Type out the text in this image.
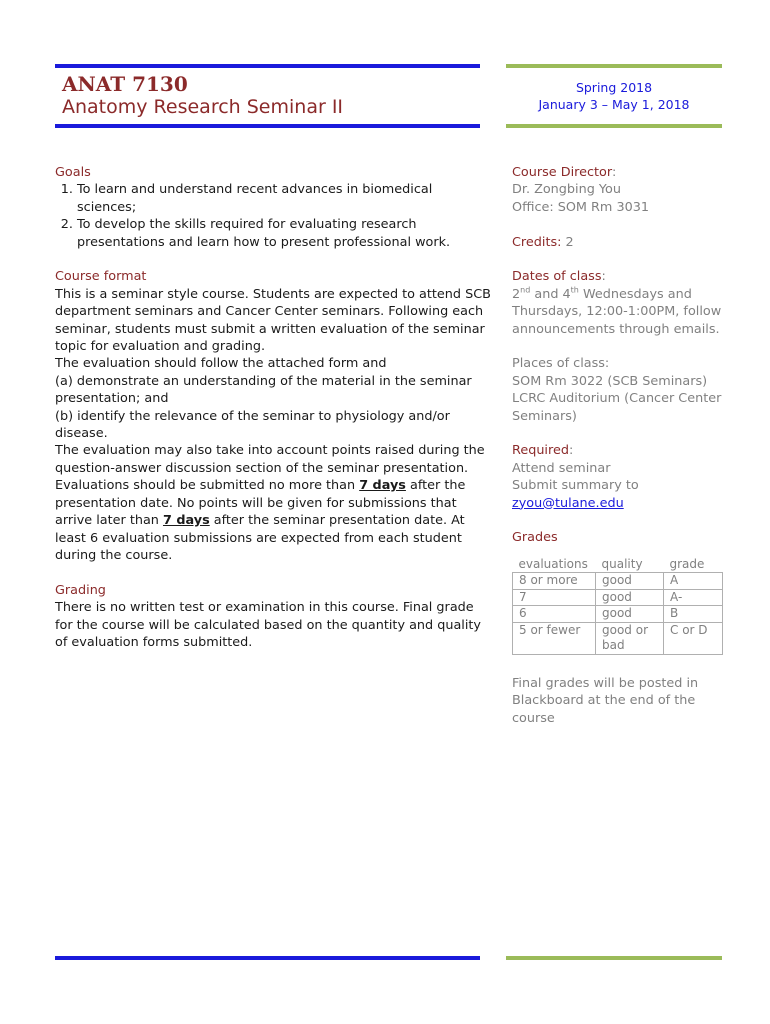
ANAT 7130
Anatomy Research Seminar II
Spring 2018
January 3 – May 1, 2018
Goals
1. To learn and understand recent advances in biomedical sciences;
2. To develop the skills required for evaluating research presentations and learn how to present professional work.
Course format

This is a seminar style course. Students are expected to attend SCB department seminars and Cancer Center seminars. Following each seminar, students must submit a written evaluation of the seminar topic for evaluation and grading.

The evaluation should follow the attached form and

(a) demonstrate an understanding of the material in the seminar presentation; and

(b) identify the relevance of the seminar to physiology and/or disease.

The evaluation may also take into account points raised during the question-answer discussion section of the seminar presentation. Evaluations should be submitted no more than 7 days after the presentation date. No points will be given for submissions that arrive later than 7 days after the seminar presentation date. At least 6 evaluation submissions are expected from each student during the course.

Grading

There is no written test or examination in this course. Final grade for the course will be calculated based on the quantity and quality of evaluation forms submitted.

Course Director:
Dr. Zongbing You
Office: SOM Rm 3031
Credits: 2
Dates of class:
2nd and 4th Wednesdays and Thursdays, 12:00-1:00PM, follow announcements through emails.
Places of class:
SOM Rm 3022 (SCB Seminars)
LCRC Auditorium (Cancer Center Seminars)
Required:
Attend seminar
Submit summary to
zyou@tulane.edu
Grades
evaluations	quality	grade
8 or more	good	A
7	good	A-
6	good	B
5 or fewer	good or bad	C or D
Final grades will be posted in Blackboard at the end of the course
